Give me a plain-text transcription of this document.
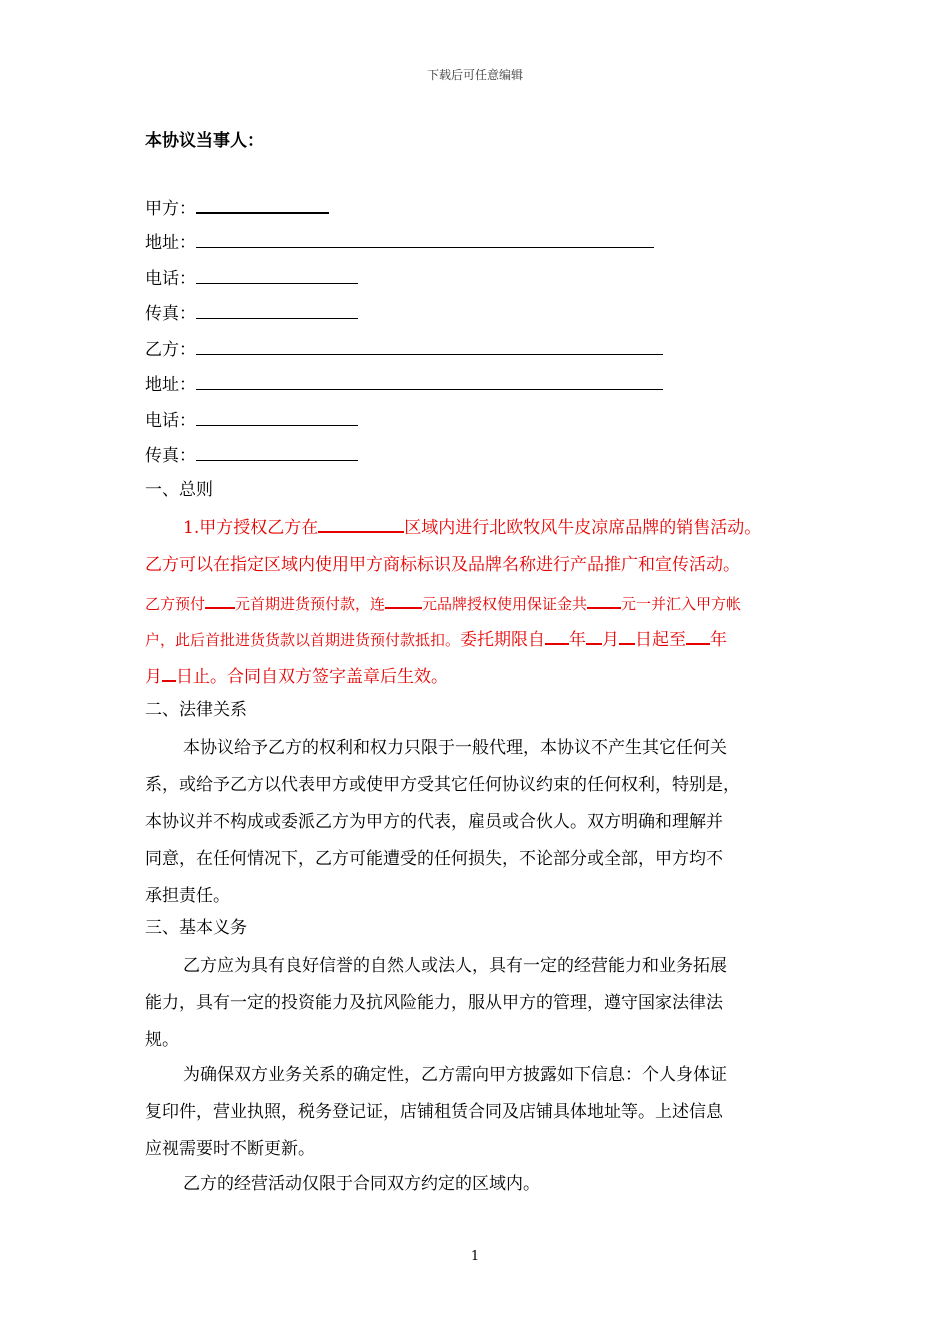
下载后可任意编辑
本协议当事人：
甲方：
地址：
电话：
传真：
乙方：
地址：
电话：
传真：
一、总则
1.甲方授权乙方在	区域内进行北欧牧风牛皮凉席品牌的销售活动。
乙方可以在指定区域内使用甲方商标标识及品牌名称进行产品推广和宣传活动。
乙方预付 元首期进货预付款，连 元品牌授权使用保证金共 元一并汇入甲方帐
户，此后首批进货货款以首期进货预付款抵扣。委托期限自 年 月 日起至 年
月 日止。合同自双方签字盖章后生效。
二、法律关系
本协议给予乙方的权利和权力只限于一般代理，本协议不产生其它任何关
系，或给予乙方以代表甲方或使甲方受其它任何协议约束的任何权利，特别是，
本协议并不构成或委派乙方为甲方的代表，雇员或合伙人。双方明确和理解并
同意，在任何情况下，乙方可能遭受的任何损失，不论部分或全部，甲方均不
承担责任。
三、基本义务
乙方应为具有良好信誉的自然人或法人，具有一定的经营能力和业务拓展
能力，具有一定的投资能力及抗风险能力，服从甲方的管理，遵守国家法律法
规。
为确保双方业务关系的确定性，乙方需向甲方披露如下信息：个人身体证
复印件，营业执照，税务登记证，店铺租赁合同及店铺具体地址等。上述信息
应视需要时不断更新。
乙方的经营活动仅限于合同双方约定的区域内。
1
